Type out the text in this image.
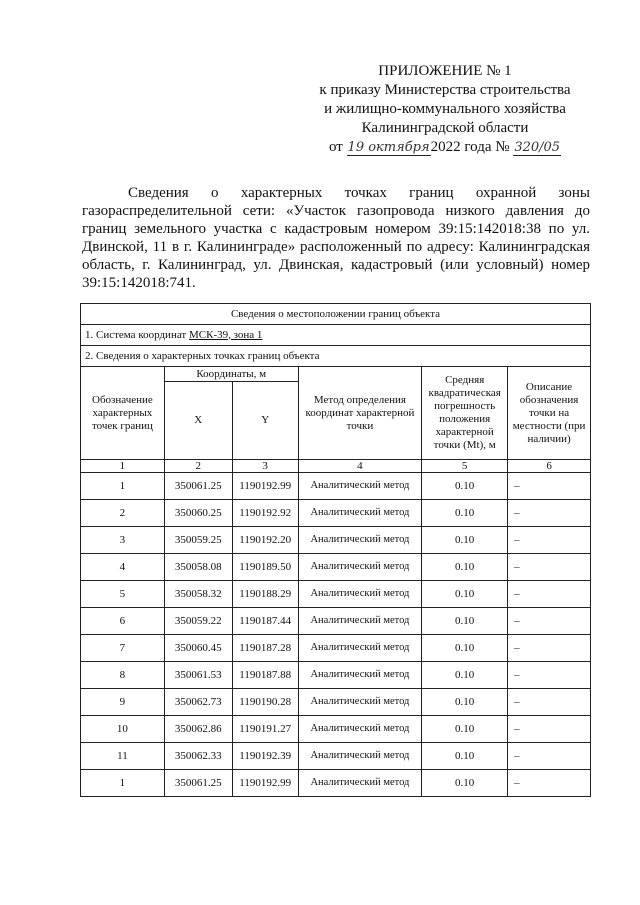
ПРИЛОЖЕНИЕ № 1
к приказу Министерства строительства
и жилищно-коммунального хозяйства
Калининградской области
от 19 октября2022 года № 320/05
Сведения о характерных точках границ охранной зоны газораспределительной сети: «Участок газопровода низкого давления до границ земельного участка с кадастровым номером 39:15:142018:38 по ул. Двинской, 11 в г. Калининграде» расположенный по адресу: Калининградская область, г. Калининград, ул. Двинская, кадастровый (или условный) номер 39:15:142018:741.
Сведения о местоположении границ объекта					
1. Система координат МСК-39, зона 1					
2. Сведения о характерных точках границ объекта					
Обозначение характерных точек границ	Координаты, м		Метод определения координат характерной точки	Средняя квадратическая погрешность положения характерной точки (Mt), м	Описание обозначения точки на местности (при наличии)
	X	Y			
1	2	3	4	5	6
1	350061.25	1190192.99	Аналитический метод	0.10	–
2	350060.25	1190192.92	Аналитический метод	0.10	–
3	350059.25	1190192.20	Аналитический метод	0.10	–
4	350058.08	1190189.50	Аналитический метод	0.10	–
5	350058.32	1190188.29	Аналитический метод	0.10	–
6	350059.22	1190187.44	Аналитический метод	0.10	–
7	350060.45	1190187.28	Аналитический метод	0.10	–
8	350061.53	1190187.88	Аналитический метод	0.10	–
9	350062.73	1190190.28	Аналитический метод	0.10	–
10	350062.86	1190191.27	Аналитический метод	0.10	–
11	350062.33	1190192.39	Аналитический метод	0.10	–
1	350061.25	1190192.99	Аналитический метод	0.10	–
